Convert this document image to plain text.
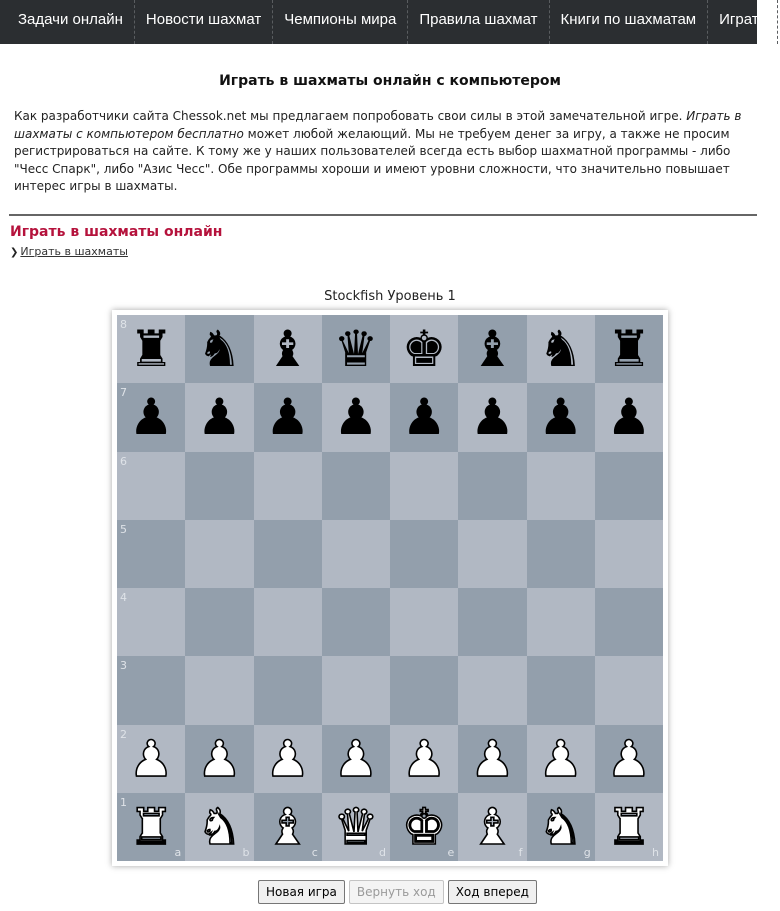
Задачи онлайн	Новости шахмат	Чемпионы мира	Правила шахмат	Книги по шахматам	Играть
Играть в шахматы онлайн с компьютером

Как разработчики сайта Chessok.net мы предлагаем попробовать свои силы в этой замечательной игре. Играть в шахматы с компьютером бесплатно может любой желающий. Мы не требуем денег за игру, а также не просим регистрироваться на сайте. К тому же у наших пользователей всегда есть выбор шахматной программы - либо "Чесс Спарк", либо "Азис Чесс". Обе программы хороши и имеют уровни сложности, что значительно повышает интерес игры в шахматы.

Играть в шахматы онлайн
❯ Играть в шахматы
Stockfish Уровень 1
8 ♜ ♞ ♝ ♛ ♚ ♝ ♞ ♜
7 ♟ ♟ ♟ ♟ ♟ ♟ ♟ ♟
6
5
4
3
2 ♟ ♟ ♟ ♟ ♟ ♟ ♟ ♟
1
a
♜	b
♞	c
♝	d
♛	e
♚	f
♝	g
♞	h
♜
Новая игра	Вернуть ход	Ход вперед
